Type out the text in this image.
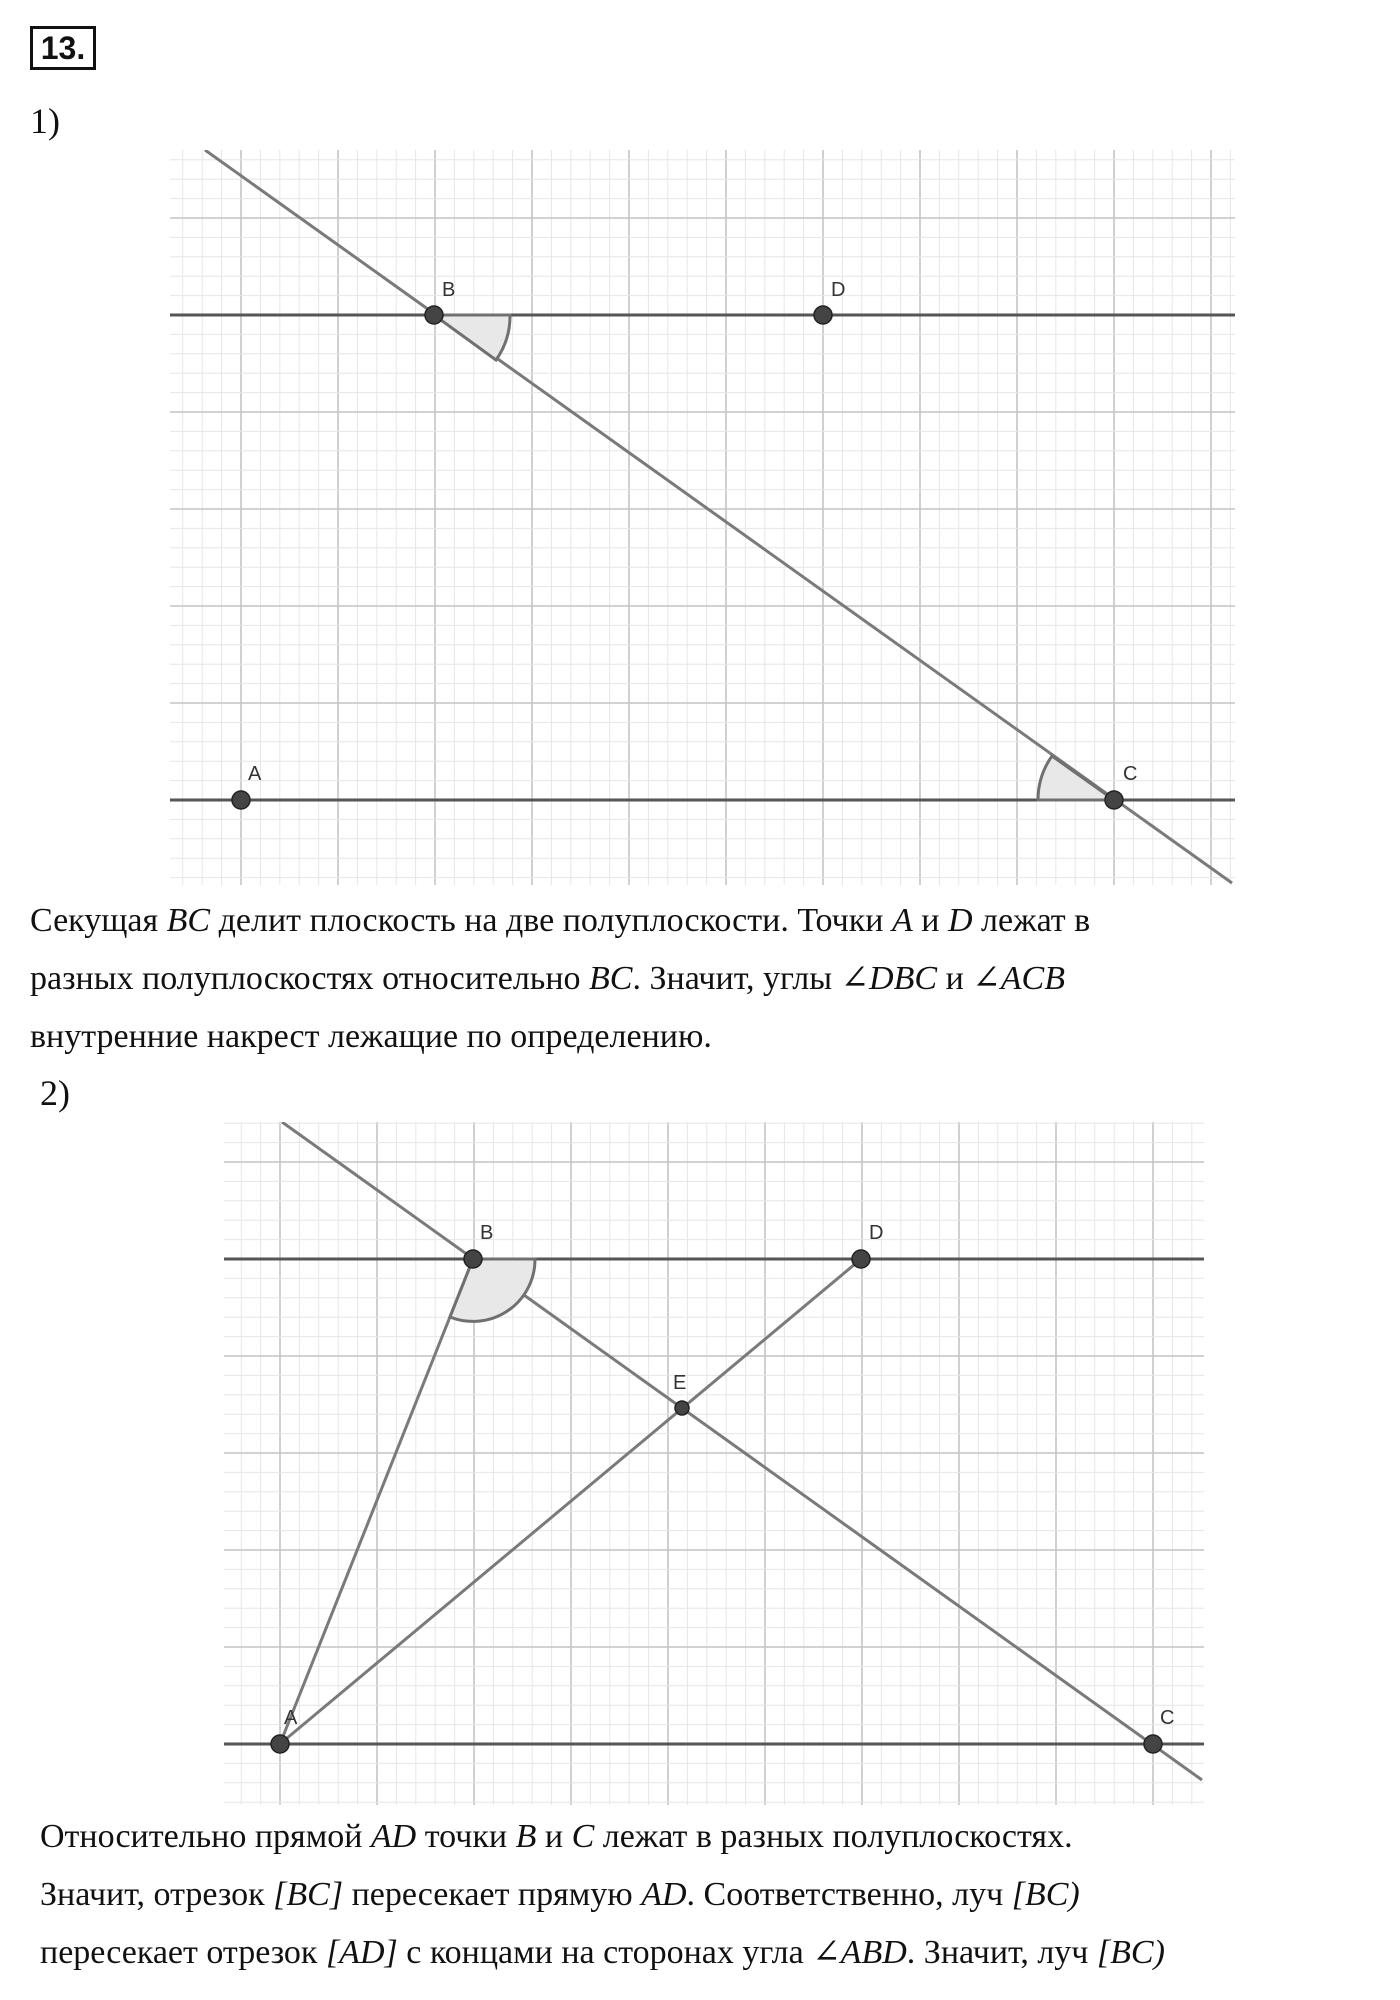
13.
1)
B	D
A	C
Секущая BC делит плоскость на две полуплоскости. Точки A и D лежат в
разных полуплоскостях относительно BC. Значит, углы ∠DBC и ∠ACB
внутренние накрест лежащие по определению.
2)
B	D
E
A	C
Относительно прямой AD точки B и C лежат в разных полуплоскостях.
Значит, отрезок [BC] пересекает прямую AD. Соответственно, луч [BC)
пересекает отрезок [AD] с концами на сторонах угла ∠ABD. Значит, луч [BC)
